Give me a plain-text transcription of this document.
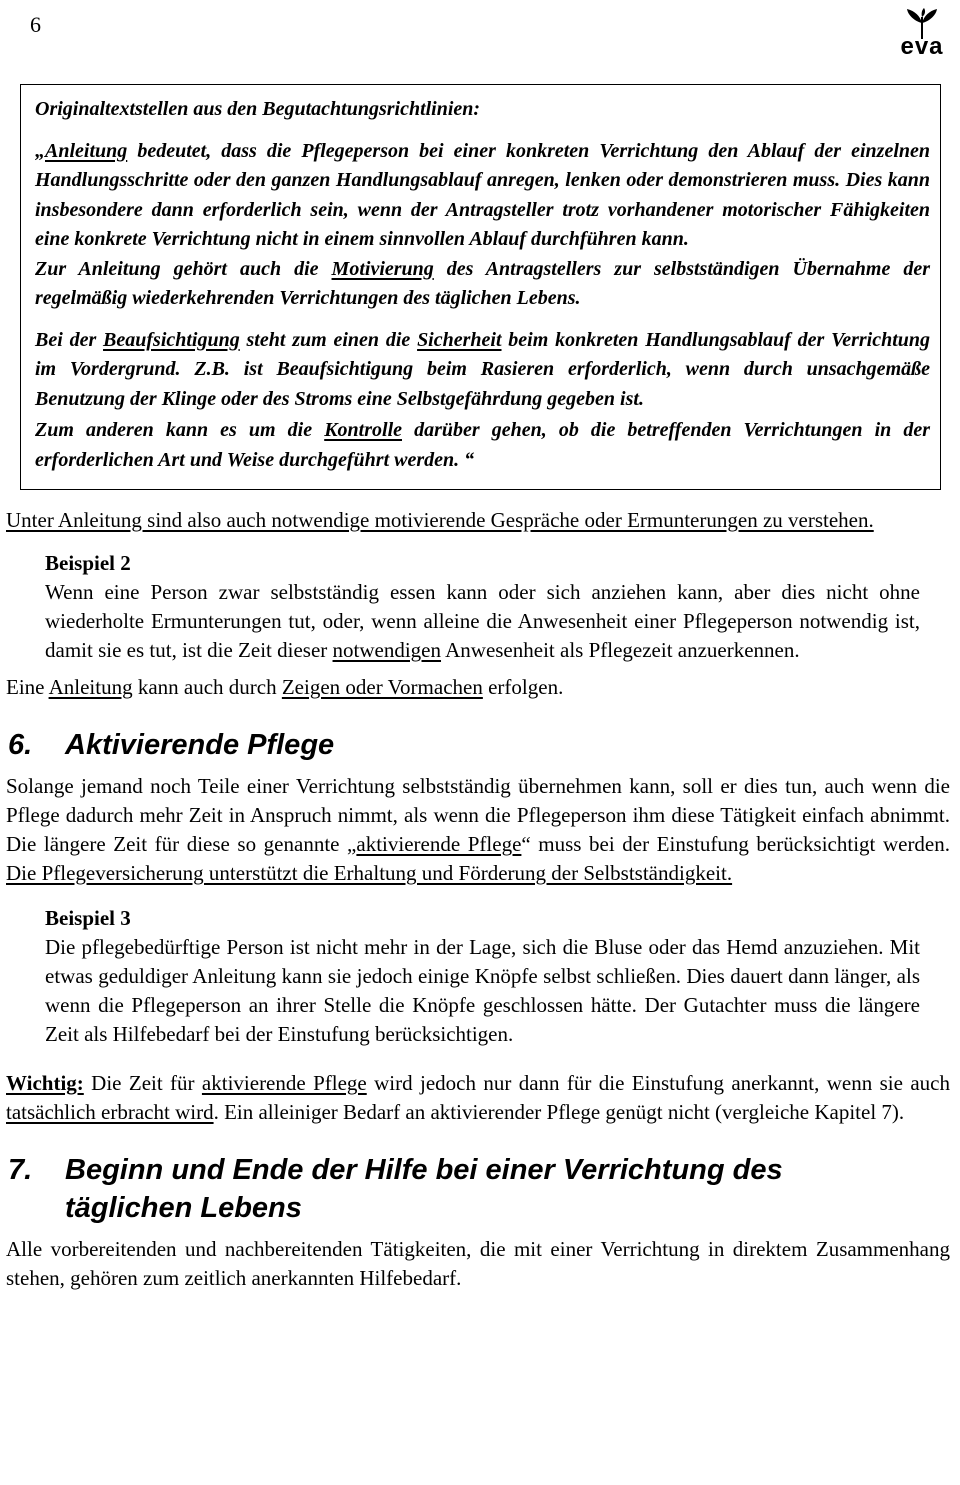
6
eva

Originaltextstellen aus den Begutachtungsrichtlinien:

„Anleitung bedeutet, dass die Pflegeperson bei einer konkreten Verrichtung den Ablauf der einzelnen Handlungsschritte oder den ganzen Handlungsablauf anregen, lenken oder demonstrieren muss. Dies kann insbesondere dann erforderlich sein, wenn der Antragsteller trotz vorhandener motorischer Fähigkeiten eine konkrete Verrichtung nicht in einem sinnvollen Ablauf durchführen kann.

Zur Anleitung gehört auch die Motivierung des Antragstellers zur selbstständigen Übernahme der regelmäßig wiederkehrenden Verrichtungen des täglichen Lebens.

Bei der Beaufsichtigung steht zum einen die Sicherheit beim konkreten Handlungsablauf der Verrichtung im Vordergrund. Z.B. ist Beaufsichtigung beim Rasieren erforderlich, wenn durch unsachgemäße Benutzung der Klinge oder des Stroms eine Selbstgefährdung gegeben ist.

Zum anderen kann es um die Kontrolle darüber gehen, ob die betreffenden Verrichtungen in der erforderlichen Art und Weise durchgeführt werden. “

Unter Anleitung sind also auch notwendige motivierende Gespräche oder Ermunterungen zu verstehen.

Beispiel 2

Wenn eine Person zwar selbstständig essen kann oder sich anziehen kann, aber dies nicht ohne wiederholte Ermunterungen tut, oder, wenn alleine die Anwesenheit einer Pflegeperson notwendig ist, damit sie es tut, ist die Zeit dieser notwendigen Anwesenheit als Pflegezeit anzuerkennen.

Eine Anleitung kann auch durch Zeigen oder Vormachen erfolgen.

6.	Aktivierende Pflege

Solange jemand noch Teile einer Verrichtung selbstständig übernehmen kann, soll er dies tun, auch wenn die Pflege dadurch mehr Zeit in Anspruch nimmt, als wenn die Pflegeperson ihm diese Tätigkeit einfach abnimmt. Die längere Zeit für diese so genannte „aktivierende Pflege“ muss bei der Einstufung berücksichtigt werden. Die Pflegeversicherung unterstützt die Erhaltung und Förderung der Selbstständigkeit.

Beispiel 3

Die pflegebedürftige Person ist nicht mehr in der Lage, sich die Bluse oder das Hemd anzuziehen. Mit etwas geduldiger Anleitung kann sie jedoch einige Knöpfe selbst schließen. Dies dauert dann länger, als wenn die Pflegeperson an ihrer Stelle die Knöpfe geschlossen hätte. Der Gutachter muss die längere Zeit als Hilfebedarf bei der Einstufung berücksichtigen.

Wichtig: Die Zeit für aktivierende Pflege wird jedoch nur dann für die Einstufung anerkannt, wenn sie auch tatsächlich erbracht wird. Ein alleiniger Bedarf an aktivierender Pflege genügt nicht (vergleiche Kapitel 7).

7.	Beginn und Ende der Hilfe bei einer Verrichtung des täglichen Lebens

Alle vorbereitenden und nachbereitenden Tätigkeiten, die mit einer Verrichtung in direktem Zusammenhang stehen, gehören zum zeitlich anerkannten Hilfebedarf.
